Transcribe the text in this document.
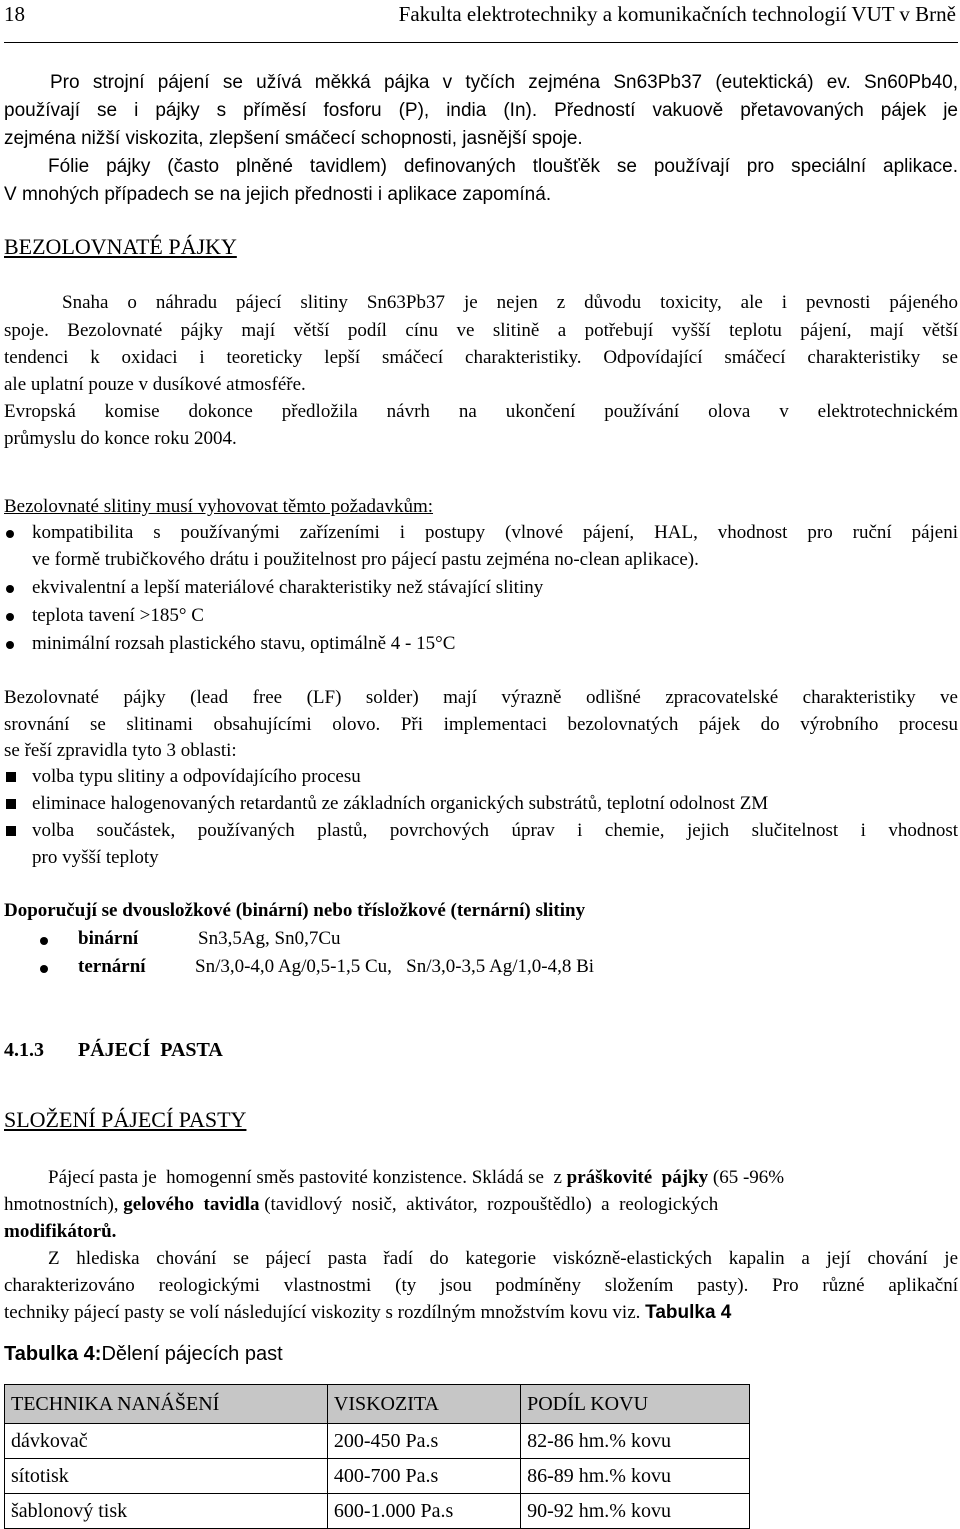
18	Fakulta elektrotechniky a komunikačních technologií VUT v Brně
Pro strojní pájení se užívá měkká pájka v tyčích zejména Sn63Pb37 (eutektická) ev. Sn60Pb40,
používají se i pájky s příměsí fosforu (P), india (In). Předností vakuově přetavovaných pájek je
zejména nižší viskozita, zlepšení smáčecí schopnosti, jasnější spoje.
Fólie pájky (často plněné tavidlem) definovaných tloušťěk se používají pro speciální aplikace.
V mnohých případech se na jejich přednosti i aplikace zapomíná.
BEZOLOVNATÉ PÁJKY
Snaha o náhradu pájecí slitiny Sn63Pb37 je nejen z důvodu toxicity, ale i pevnosti pájeného
spoje. Bezolovnaté pájky mají větší podíl cínu ve slitině a potřebují vyšší teplotu pájení, mají větší
tendenci k oxidaci i teoreticky lepší smáčecí charakteristiky. Odpovídající smáčecí charakteristiky se
ale uplatní pouze v dusíkové atmosféře.
Evropská komise dokonce předložila návrh na ukončení používání olova v elektrotechnickém
průmyslu do konce roku 2004.
Bezolovnaté slitiny musí vyhovovat těmto požadavkům:
kompatibilita s používanými zařízeními i postupy (vlnové pájení, HAL, vhodnost pro ruční pájeni
ve formě trubičkového drátu i použitelnost pro pájecí pastu zejména no-clean aplikace).
ekvivalentní a lepší materiálové charakteristiky než stávající slitiny
teplota tavení >185° C
minimální rozsah plastického stavu, optimálně 4 - 15°C
Bezolovnaté pájky (lead free (LF) solder) mají výrazně odlišné zpracovatelské charakteristiky ve
srovnání se slitinami obsahujícími olovo. Při implementaci bezolovnatých pájek do výrobního procesu
se řeší zpravidla tyto 3 oblasti:
volba typu slitiny a odpovídajícího procesu
eliminace halogenovaných retardantů ze základních organických substrátů, teplotní odolnost ZM
volba součástek, používaných plastů, povrchových úprav i chemie, jejich slučitelnost i vhodnost
pro vyšší teploty
Doporučují se dvousložkové (binární) nebo třísložkové (ternární) slitiny
binární	Sn3,5Ag, Sn0,7Cu
ternární	Sn/3,0-4,0 Ag/0,5-1,5 Cu,   Sn/3,0-3,5 Ag/1,0-4,8 Bi
4.1.3 PÁJECÍ  PASTA
SLOŽENÍ PÁJECÍ PASTY
Pájecí pasta je  homogenní směs pastovité konzistence. Skládá se  z práškovité  pájky (65 -96%
hmotnostních), gelového  tavidla (tavidlový  nosič,  aktivátor,  rozpouštědlo)  a  reologických
modifikátorů.
Z hlediska chování se pájecí pasta řadí do kategorie viskózně-elastických kapalin a její chování je
charakterizováno reologickými vlastnostmi (ty jsou podmíněny složením pasty). Pro různé aplikační
techniky pájecí pasty se volí následující viskozity s rozdílným množstvím kovu viz. Tabulka 4
Tabulka 4:Dělení pájecích past
TECHNIKA NANÁŠENÍ	VISKOZITA	PODÍL KOVU
dávkovač	200-450 Pa.s	82-86 hm.% kovu
sítotisk	400-700 Pa.s	86-89 hm.% kovu
šablonový tisk	600-1.000 Pa.s	90-92 hm.% kovu
